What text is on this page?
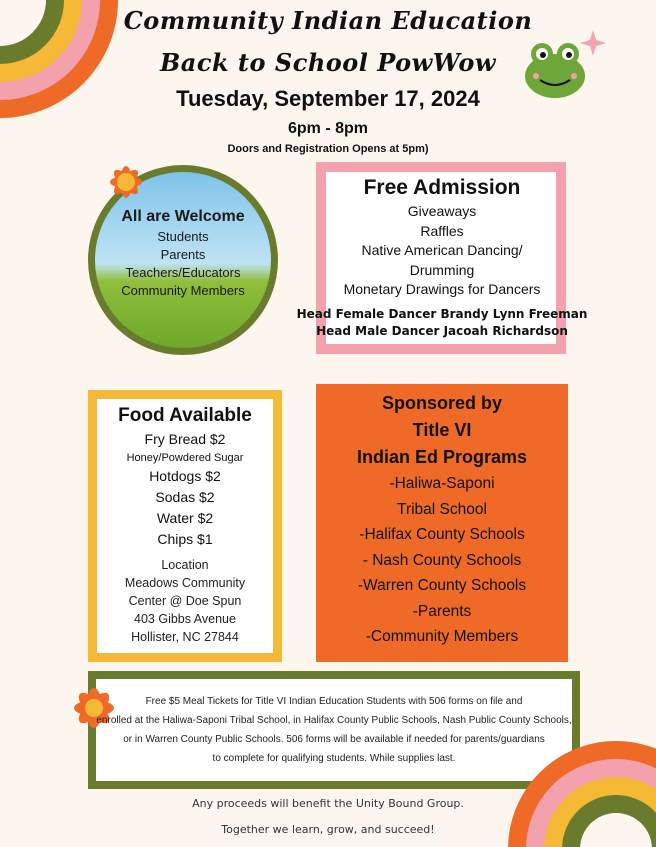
Community Indian Education
Back to School PowWow
Tuesday, September 17, 2024
6pm - 8pm
Doors and Registration Opens at 5pm)
All are Welcome
Students
Parents
Teachers/Educators
Community Members
Free Admission
Giveaways
Raffles
Native American Dancing/
Drumming
Monetary Drawings for Dancers
Head Female Dancer Brandy Lynn Freeman
Head Male Dancer Jacoah Richardson
Food Available
Fry Bread $2
Honey/Powdered Sugar
Hotdogs $2
Sodas $2
Water $2
Chips $1
Location
Meadows Community
Center @ Doe Spun
403 Gibbs Avenue
Hollister, NC 27844
Sponsored by
Title VI
Indian Ed Programs
-Haliwa-Saponi
Tribal School
-Halifax County Schools
- Nash County Schools
-Warren County Schools
-Parents
-Community Members
Free $5 Meal Tickets for Title VI Indian Education Students with 506 forms on file and
enrolled at the Haliwa-Saponi Tribal School, in Halifax County Public Schools, Nash Public County Schools,
or in Warren County Public Schools. 506 forms will be available if needed for parents/guardians
to complete for qualifying students. While supplies last.
Any proceeds will benefit the Unity Bound Group.
Together we learn, grow, and succeed!
